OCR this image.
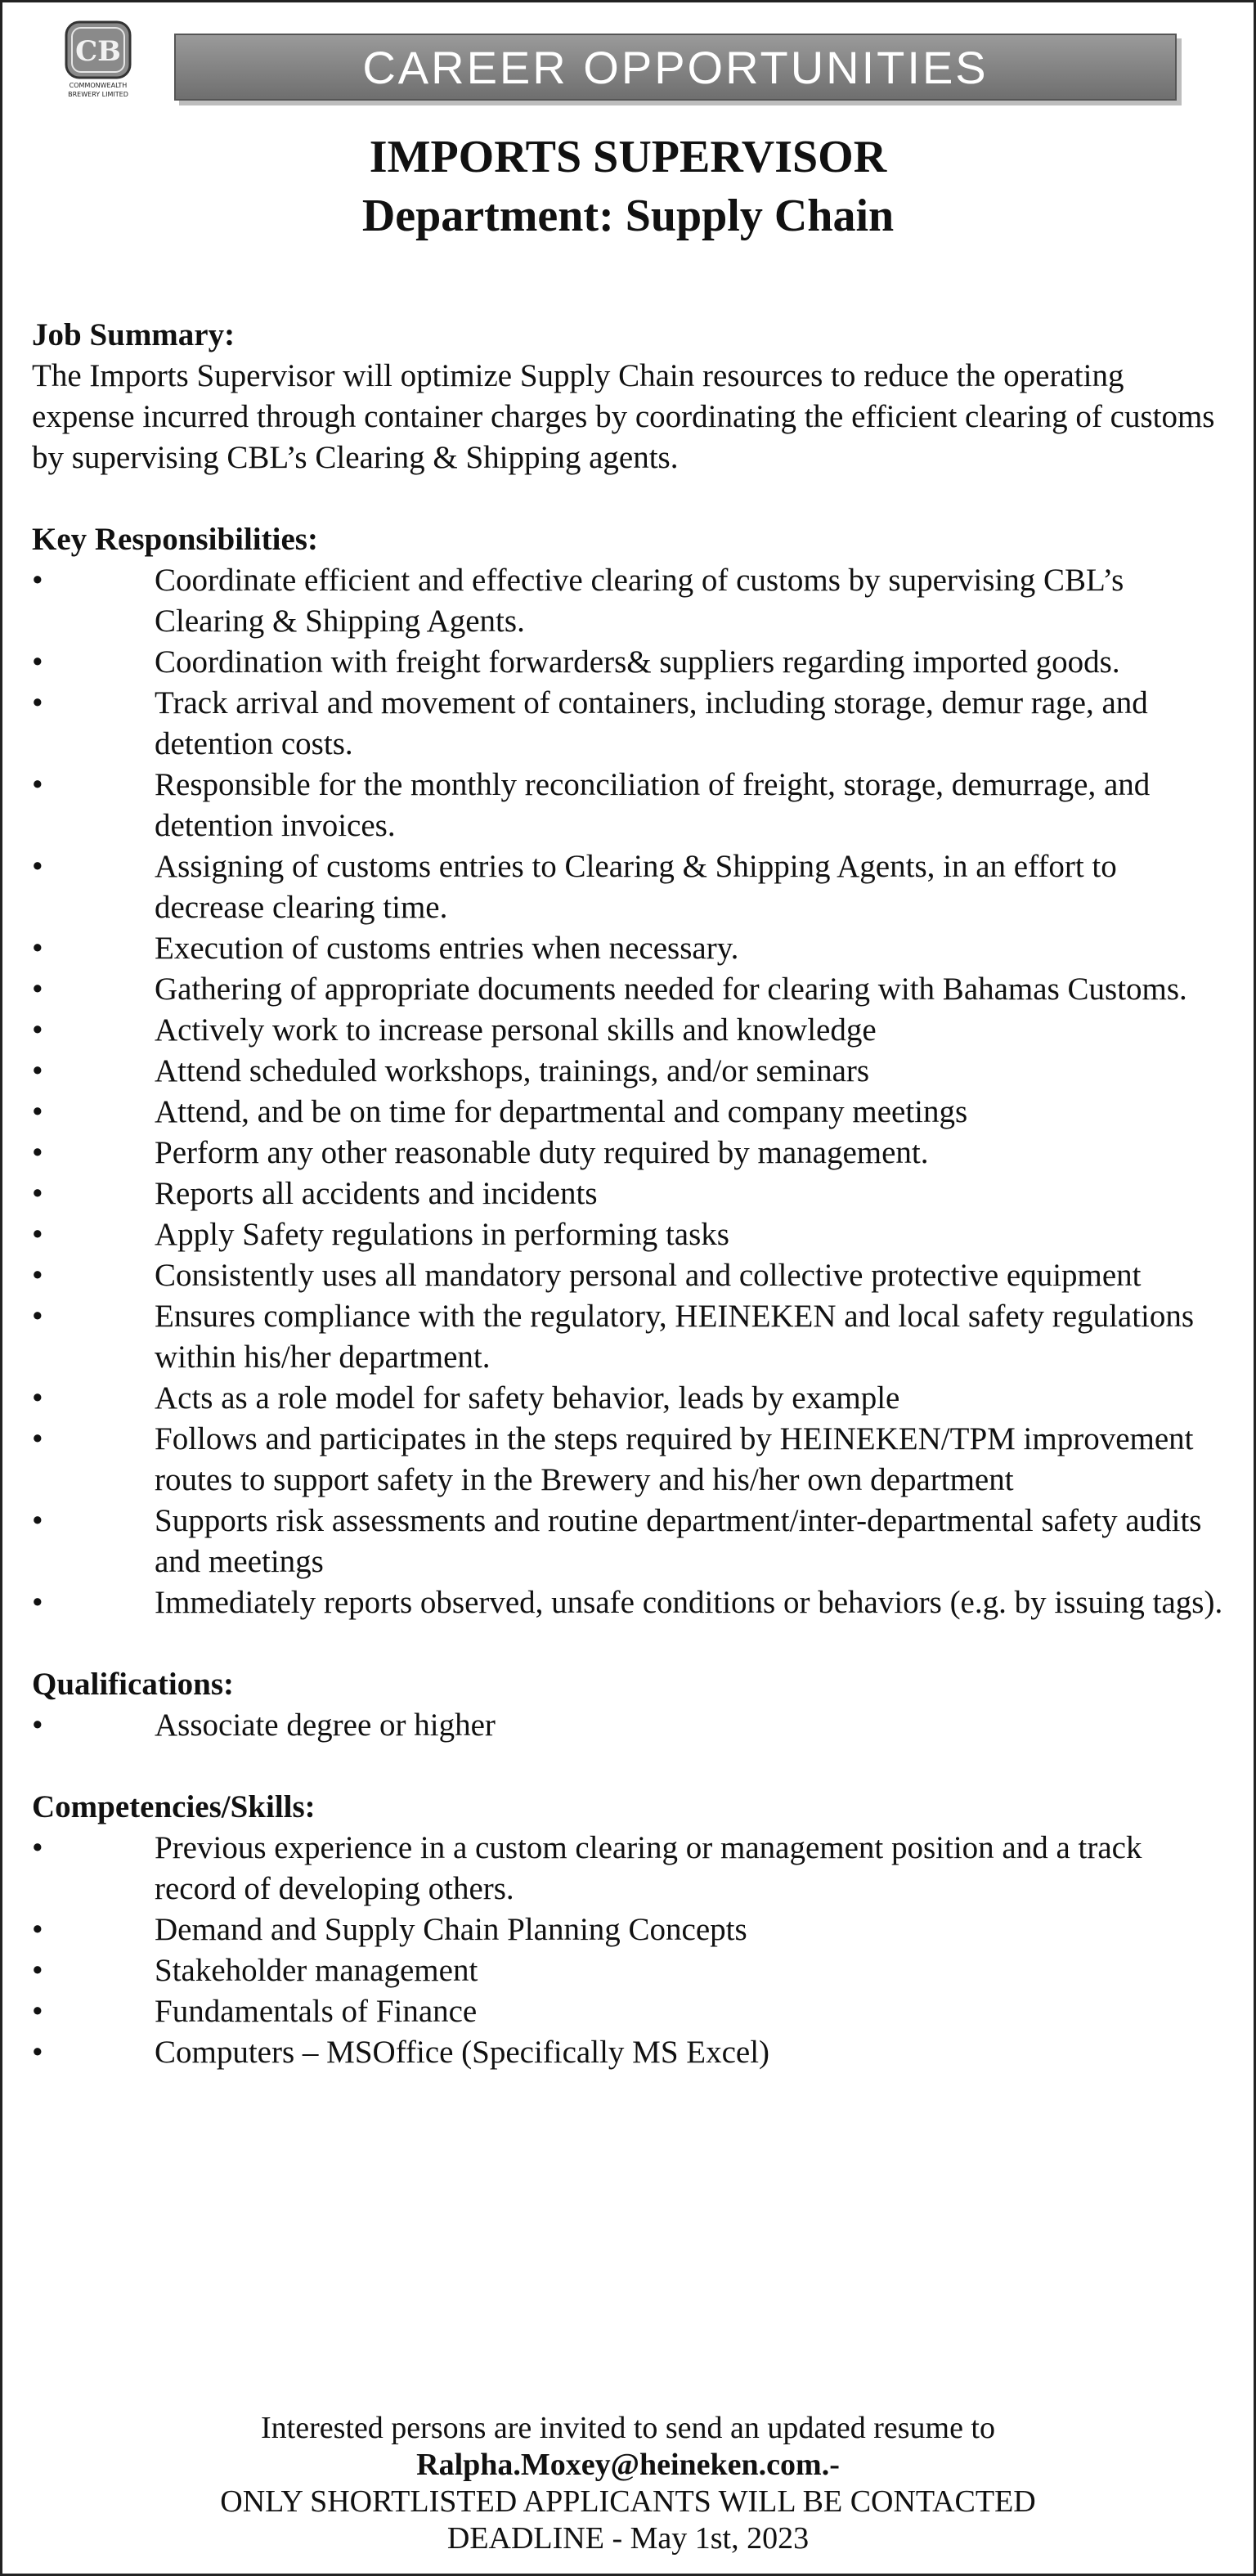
CB
COMMONWEALTH
BREWERY LIMITED
CAREER OPPORTUNITIES
IMPORTS SUPERVISOR
Department: Supply Chain
Job Summary:

The Imports Supervisor will optimize Supply Chain resources to reduce the operating expense incurred through container charges by coordinating the efficient clearing of customs by supervising CBL’s Clearing & Shipping agents.

Key Responsibilities:
•	Coordinate efficient and effective clearing of customs by supervising CBL’s Clearing & Shipping Agents.
•	Coordination with freight forwarders& suppliers regarding imported goods.
•	Track arrival and movement of containers, including storage, demur rage, and detention costs.
•	Responsible for the monthly reconciliation of freight, storage, demurrage, and detention invoices.
•	Assigning of customs entries to Clearing & Shipping Agents, in an effort to decrease clearing time.
•	Execution of customs entries when necessary.
•	Gathering of appropriate documents needed for clearing with Bahamas Customs.
•	Actively work to increase personal skills and knowledge
•	Attend scheduled workshops, trainings, and/or seminars
•	Attend, and be on time for departmental and company meetings
•	Perform any other reasonable duty required by management.
•	Reports all accidents and incidents
•	Apply Safety regulations in performing tasks
•	Consistently uses all mandatory personal and collective protective equipment
•	Ensures compliance with the regulatory, HEINEKEN and local safety regulations within his/her department.
•	Acts as a role model for safety behavior, leads by example
•	Follows and participates in the steps required by HEINEKEN/TPM improvement routes to support safety in the Brewery and his/her own department
•	Supports risk assessments and routine department/inter-departmental safety audits and meetings
•	Immediately reports observed, unsafe conditions or behaviors (e.g. by issuing tags).
Qualifications:
•	Associate degree or higher
Competencies/Skills:
•	Previous experience in a custom clearing or management position and a track record of developing others.
•	Demand and Supply Chain Planning Concepts
•	Stakeholder management
•	Fundamentals of Finance
•	Computers – MSOffice (Specifically MS Excel)
Interested persons are invited to send an updated resume to
Ralpha.Moxey@heineken.com.-
ONLY SHORTLISTED APPLICANTS WILL BE CONTACTED
DEADLINE - May 1st, 2023
